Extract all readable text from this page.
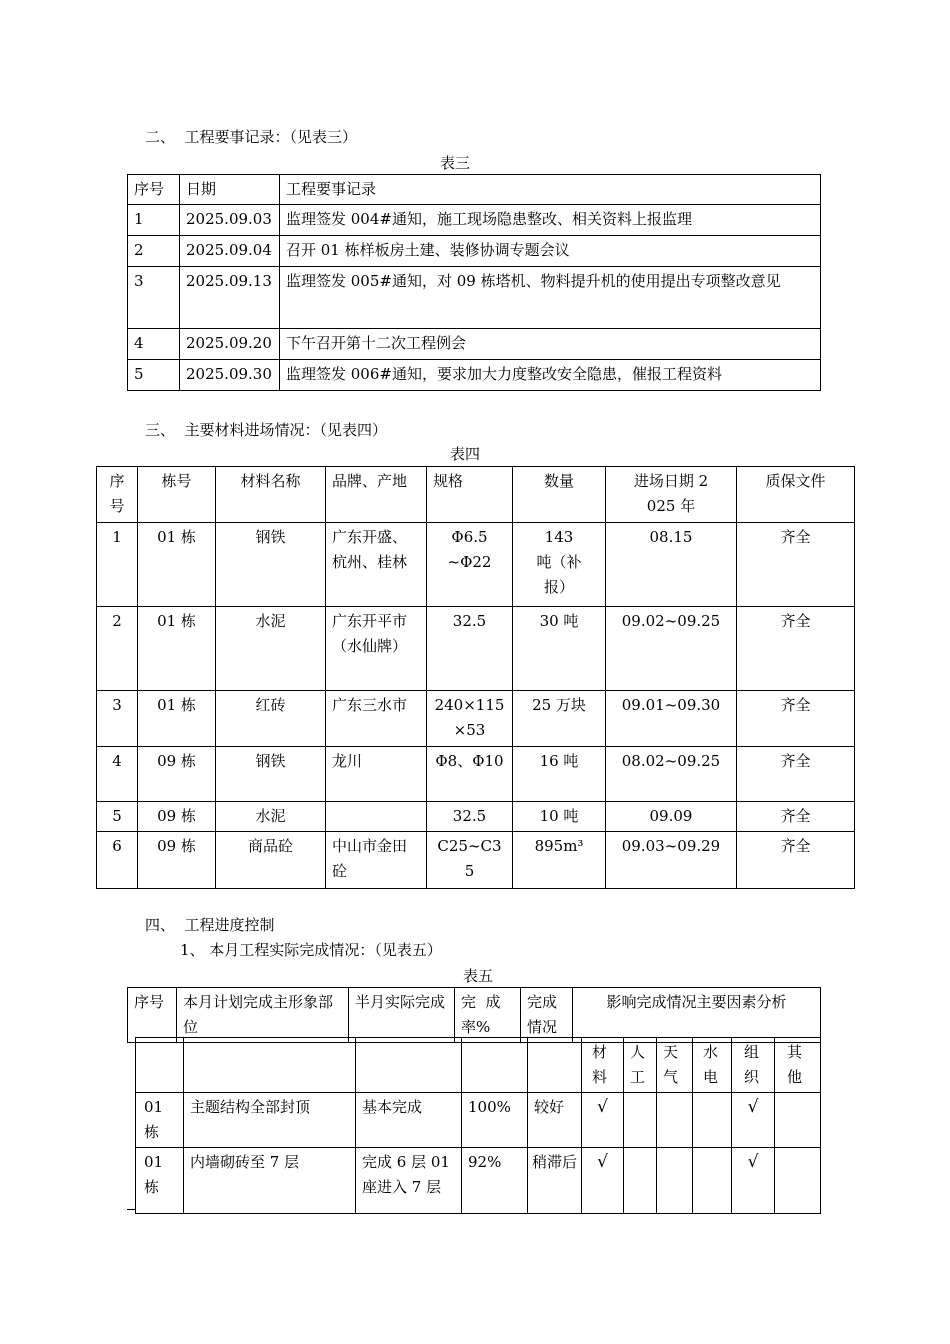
二、  工程要事记录：（见表三）
表三
序号	日期	工程要事记录
1	2025.09.03	监理签发 004#通知，施工现场隐患整改、相关资料上报监理
2	2025.09.04	召开 01 栋样板房土建、装修协调专题会议
3	2025.09.13	监理签发 005#通知，对 09 栋塔机、物料提升机的使用提出专项整改意见
4	2025.09.20	下午召开第十二次工程例会
5	2025.09.30	监理签发 006#通知，要求加大力度整改安全隐患，催报工程资料
三、  主要材料进场情况：（见表四）
表四
序号	栋号	材料名称	品牌、产地	规格	数量	进场日期 2025 年	质保文件
1	01 栋	钢铁	广东开盛、杭州、桂林	Φ6.5 ~Φ22	143 吨（补报）	08.15	齐全
2	01 栋	水泥	广东开平市（水仙牌）	32.5	30 吨	09.02~09.25	齐全
3	01 栋	红砖	广东三水市	240×115×53	25 万块	09.01~09.30	齐全
4	09 栋	钢铁	龙川	Φ8、Φ10	16 吨	08.02~09.25	齐全
5	09 栋	水泥		32.5	10 吨	09.09	齐全
6	09 栋	商品砼	中山市金田砼	C25~C35	895m³	09.03~09.29	齐全
四、  工程进度控制
1、 本月工程实际完成情况：（见表五）
表五
序号	本月计划完成主形象部位	半月实际完成	完  成率%	完成情况	影响完成情况主要因素分析
					材料	人工	天气	水电	组织	其他
01 栋	主题结构全部封顶	基本完成	100%	较好	√				√	
01 栋	内墙砌砖至 7 层	完成 6 层 01 座进入 7 层	92%	稍滞后	√				√	
